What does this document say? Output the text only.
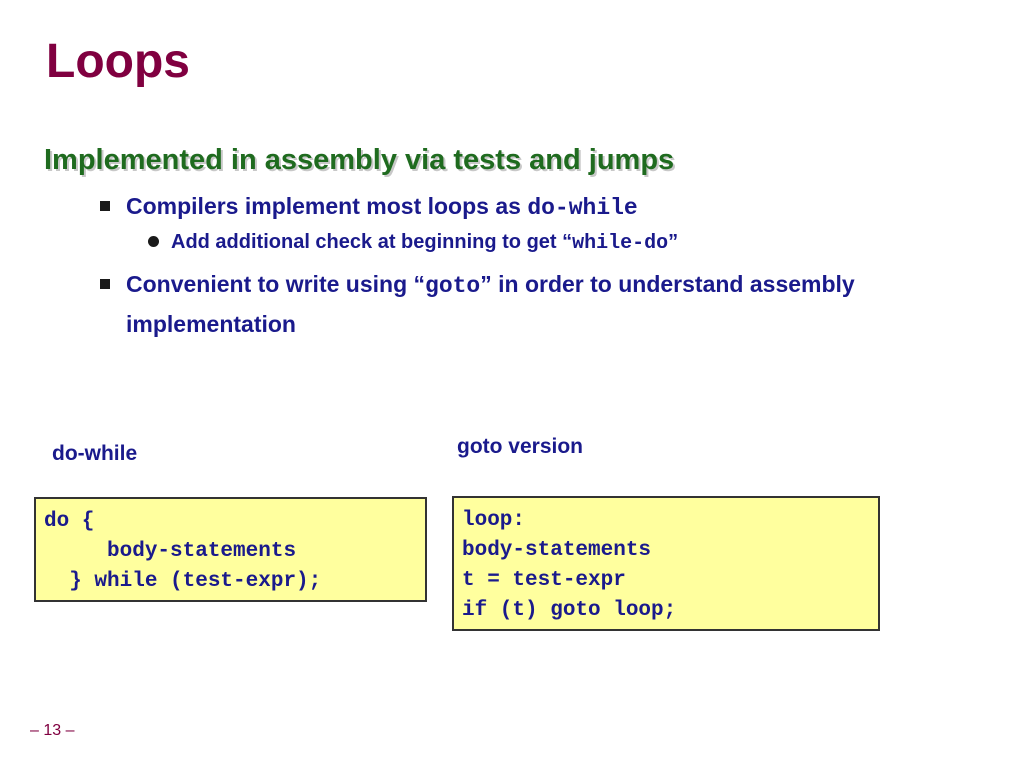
Loops
Implemented in assembly via tests and jumps
Compilers implement most loops as do-while
Add additional check at beginning to get “while-do”
Convenient to write using “goto” in order to understand assembly implementation
do-while	goto version
do {
body-statements
} while (test-expr);
loop:
body-statements
t = test-expr
if (t) goto loop;
– 13 –
